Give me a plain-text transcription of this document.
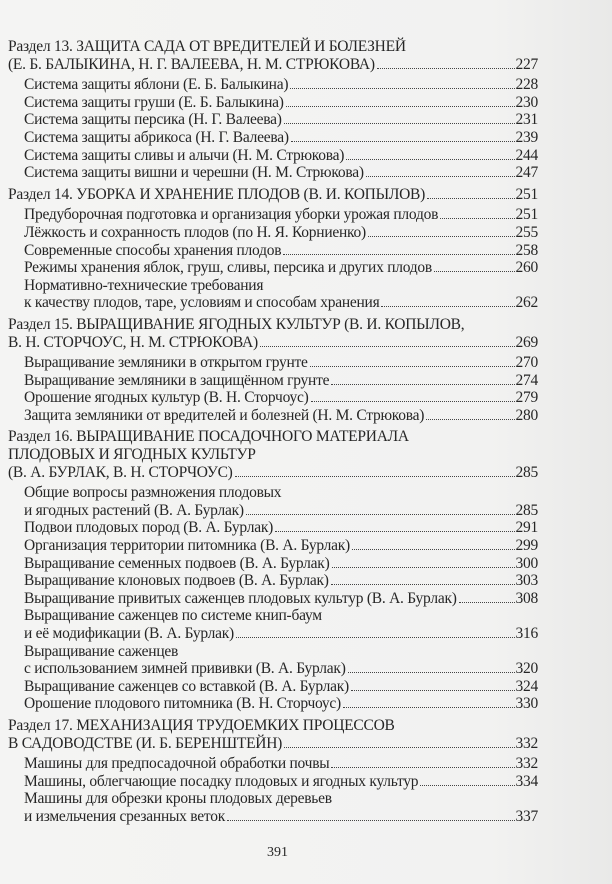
Раздел 13. ЗАЩИТА САДА ОТ ВРЕДИТЕЛЕЙ И БОЛЕЗНЕЙ
(Е. Б. БАЛЫКИНА, Н. Г. ВАЛЕЕВА, Н. М. СТРЮКОВА)	227
Система защиты яблони (Е. Б. Балыкина)	228
Система защиты груши (Е. Б. Балыкина)	230
Система защиты персика (Н. Г. Валеева)	231
Система защиты абрикоса (Н. Г. Валеева)	239
Система защиты сливы и алычи (Н. М. Стрюкова)	244
Система защиты вишни и черешни (Н. М. Стрюкова)	247
Раздел 14. УБОРКА И ХРАНЕНИЕ ПЛОДОВ (В. И. КОПЫЛОВ)	251
Предуборочная подготовка и организация уборки урожая плодов	251
Лёжкость и сохранность плодов (по Н. Я. Корниенко)	255
Современные способы хранения плодов	258
Режимы хранения яблок, груш, сливы, персика и других плодов	260
Нормативно-технические требования
к качеству плодов, таре, условиям и способам хранения	262
Раздел 15. ВЫРАЩИВАНИЕ ЯГОДНЫХ КУЛЬТУР (В. И. КОПЫЛОВ,
В. Н. СТОРЧОУС, Н. М. СТРЮКОВА)	269
Выращивание земляники в открытом грунте	270
Выращивание земляники в защищённом грунте	274
Орошение ягодных культур (В. Н. Сторчоус)	279
Защита земляники от вредителей и болезней (Н. М. Стрюкова)	280
Раздел 16. ВЫРАЩИВАНИЕ ПОСАДОЧНОГО МАТЕРИАЛА
ПЛОДОВЫХ И ЯГОДНЫХ КУЛЬТУР
(В. А. БУРЛАК, В. Н. СТОРЧОУС)	285
Общие вопросы размножения плодовых
и ягодных растений (В. А. Бурлак)	285
Подвои плодовых пород (В. А. Бурлак)	291
Организация территории питомника (В. А. Бурлак)	299
Выращивание семенных подвоев (В. А. Бурлак)	300
Выращивание клоновых подвоев (В. А. Бурлак)	303
Выращивание привитых саженцев плодовых культур (В. А. Бурлак)	308
Выращивание саженцев по системе книп-баум
и её модификации (В. А. Бурлак)	316
Выращивание саженцев
с использованием зимней прививки (В. А. Бурлак)	320
Выращивание саженцев со вставкой (В. А. Бурлак)	324
Орошение плодового питомника (В. Н. Сторчоус)	330
Раздел 17. МЕХАНИЗАЦИЯ ТРУДОЕМКИХ ПРОЦЕССОВ
В САДОВОДСТВЕ (И. Б. БЕРЕНШТЕЙН)	332
Машины для предпосадочной обработки почвы	332
Машины, облегчающие посадку плодовых и ягодных культур	334
Машины для обрезки кроны плодовых деревьев
и измельчения срезанных веток	337
391
